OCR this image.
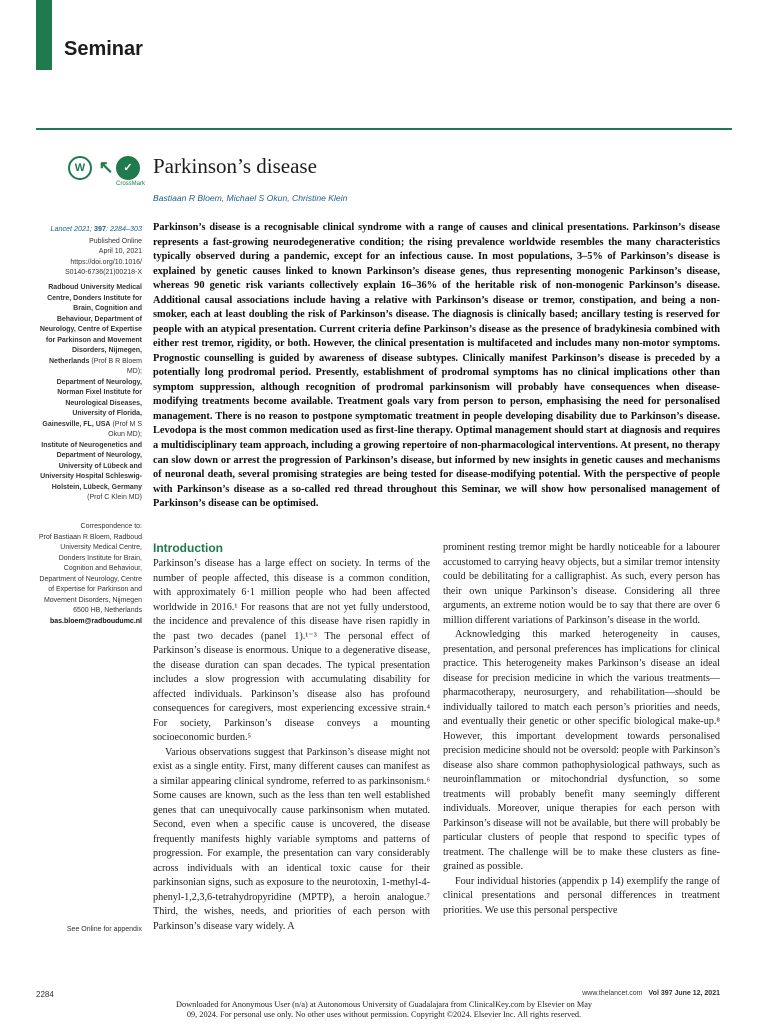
Seminar
W ↖ ✓
CrossMark
Parkinson’s disease
Bastiaan R Bloem, Michael S Okun, Christine Klein

Lancet 2021; 397: 2284–303

Published Online

April 10, 2021

https://doi.org/10.1016/

S0140-6736(21)00218-X

Radboud University Medical Centre, Donders Institute for Brain, Cognition and Behaviour, Department of Neurology, Centre of Expertise for Parkinson and Movement Disorders, Nijmegen, Netherlands (Prof B R Bloem MD);

Department of Neurology, Norman Fixel Institute for Neurological Diseases, University of Florida, Gainesville, FL, USA (Prof M S Okun MD);

Institute of Neurogenetics and Department of Neurology, University of Lübeck and University Hospital Schleswig-Holstein, Lübeck, Germany (Prof C Klein MD)

Correspondence to:

Prof Bastiaan R Bloem, Radboud University Medical Centre, Donders Institute for Brain, Cognition and Behaviour, Department of Neurology, Centre of Expertise for Parkinson and Movement Disorders, Nijmegen 6500 HB, Netherlands

bas.bloem@radboudumc.nl

See Online for appendix

Parkinson’s disease is a recognisable clinical syndrome with a range of causes and clinical presentations. Parkinson’s disease represents a fast-growing neurodegenerative condition; the rising prevalence worldwide resembles the many characteristics typically observed during a pandemic, except for an infectious cause. In most populations, 3–5% of Parkinson’s disease is explained by genetic causes linked to known Parkinson’s disease genes, thus representing monogenic Parkinson’s disease, whereas 90 genetic risk variants collectively explain 16–36% of the heritable risk of non-monogenic Parkinson’s disease. Additional causal associations include having a relative with Parkinson’s disease or tremor, constipation, and being a non-smoker, each at least doubling the risk of Parkinson’s disease. The diagnosis is clinically based; ancillary testing is reserved for people with an atypical presentation. Current criteria define Parkinson’s disease as the presence of bradykinesia combined with either rest tremor, rigidity, or both. However, the clinical presentation is multifaceted and includes many non-motor symptoms. Prognostic counselling is guided by awareness of disease subtypes. Clinically manifest Parkinson’s disease is preceded by a potentially long prodromal period. Presently, establishment of prodromal symptoms has no clinical implications other than symptom suppression, although recognition of prodromal parkinsonism will probably have consequences when disease-modifying treatments become available. Treatment goals vary from person to person, emphasising the need for personalised management. There is no reason to postpone symptomatic treatment in people developing disability due to Parkinson’s disease. Levodopa is the most common medication used as first-line therapy. Optimal management should start at diagnosis and requires a multidisciplinary team approach, including a growing repertoire of non-pharmacological interventions. At present, no therapy can slow down or arrest the progression of Parkinson’s disease, but informed by new insights in genetic causes and mechanisms of neuronal death, several promising strategies are being tested for disease-modifying potential. With the perspective of people with Parkinson’s disease as a so-called red thread throughout this Seminar, we will show how personalised management of Parkinson’s disease can be optimised.

Introduction

Parkinson’s disease has a large effect on society. In terms of the number of people affected, this disease is a common condition, with approximately 6·1 million people who had been affected worldwide in 2016.¹ For reasons that are not yet fully understood, the incidence and prevalence of this disease have risen rapidly in the past two decades (panel 1).¹⁻³ The personal effect of Parkinson’s disease is enormous. Unique to a degenerative disease, the disease duration can span decades. The typical presentation includes a slow progression with accumulating disability for affected individuals. Parkinson’s disease also has profound consequences for caregivers, most experiencing excessive strain.⁴ For society, Parkinson’s disease conveys a mounting socioeconomic burden.⁵

Various observations suggest that Parkinson’s disease might not exist as a single entity. First, many different causes can manifest as a similar appearing clinical syndrome, referred to as parkinsonism.⁶ Some causes are known, such as the less than ten well established genes that can unequivocally cause parkinsonism when mutated. Second, even when a specific cause is uncovered, the disease frequently manifests highly variable symptoms and patterns of progression. For example, the presentation can vary considerably across individuals with an identical toxic cause for their parkinsonian signs, such as exposure to the neurotoxin, 1-methyl-4-phenyl-1,2,3,6-tetrahydropyridine (MPTP), a heroin analogue.⁷ Third, the wishes, needs, and priorities of each person with Parkinson’s disease vary widely. A

prominent resting tremor might be hardly noticeable for a labourer accustomed to carrying heavy objects, but a similar tremor intensity could be debilitating for a calligraphist. As such, every person has their own unique Parkinson’s disease. Considering all three arguments, an extreme notion would be to say that there are over 6 million different variations of Parkinson’s disease in the world.

Acknowledging this marked heterogeneity in causes, presentation, and personal preferences has implications for clinical practice. This heterogeneity makes Parkinson’s disease an ideal disease for precision medicine in which the various treatments—pharmacotherapy, neurosurgery, and rehabilitation—should be individually tailored to match each person’s priorities and needs, and eventually their genetic or other specific biological make-up.⁸ However, this important development towards personalised precision medicine should not be oversold: people with Parkinson’s disease also share common pathophysiological pathways, such as neuroinflammation or mitochondrial dysfunction, so some treatments will probably benefit many seemingly different individuals. Moreover, unique therapies for each person with Parkinson’s disease will not be available, but there will probably be particular clusters of people that respond to specific types of treatment. The challenge will be to make these clusters as fine-grained as possible.

Four individual histories (appendix p 14) exemplify the range of clinical presentations and personal differences in treatment priorities. We use this personal perspective

2284	www.thelancet.com Vol 397 June 12, 2021
Downloaded for Anonymous User (n/a) at Autonomous University of Guadalajara from ClinicalKey.com by Elsevier on May
09, 2024. For personal use only. No other uses without permission. Copyright ©2024. Elsevier Inc. All rights reserved.
